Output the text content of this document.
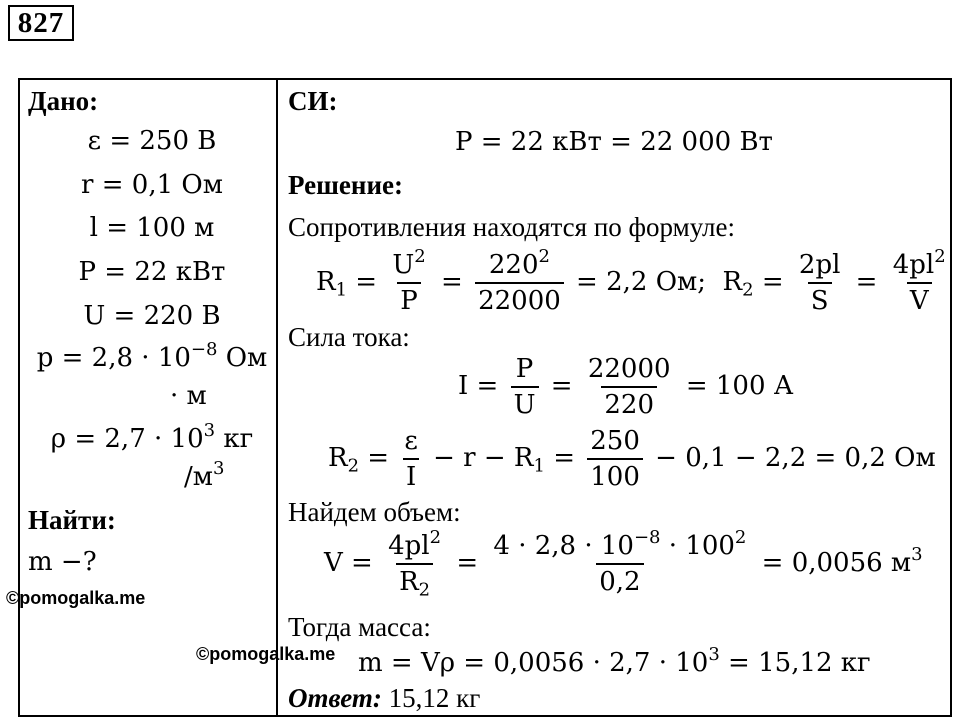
827
Дано:
ε = 250 В
r = 0,1 Ом
l = 100 м
P = 22 кВт
U = 220 В
$p = 2,8 \cdot 10^{-8}$ Ом
· м
$\rho = 2,7 \cdot 10^3$ кг
$/м^3$
Найти:
m −?
©pomogalka.me
©pomogalka.me
СИ:
P = 22 кВт = 22 000 Вт
Решение:
Сопротивления находятся по формуле:
$R_1 = \frac{U^2}{P} = \frac{220^2}{22000} = 2,2$ Ом;  $R_2 = \frac{2pl}{S} = \frac{4pl^2}{V}$
Сила тока:
$I = \frac{P}{U} = \frac{22000}{220} = 100$ А
$R_2 = \frac{\varepsilon}{I} - r - R_1 = \frac{250}{100} - 0,1 - 2,2 = 0,2$ Ом
Найдем объем:
$V = \frac{4pl^2}{R_2} = \frac{4 \cdot 2,8 \cdot 10^{-8} \cdot 100^2}{0,2} = 0,0056$ $м^3$
Тогда масса:
$m = V\rho = 0,0056 \cdot 2,7 \cdot 10^3 = 15,12$ кг
Ответ: 15,12 кг
